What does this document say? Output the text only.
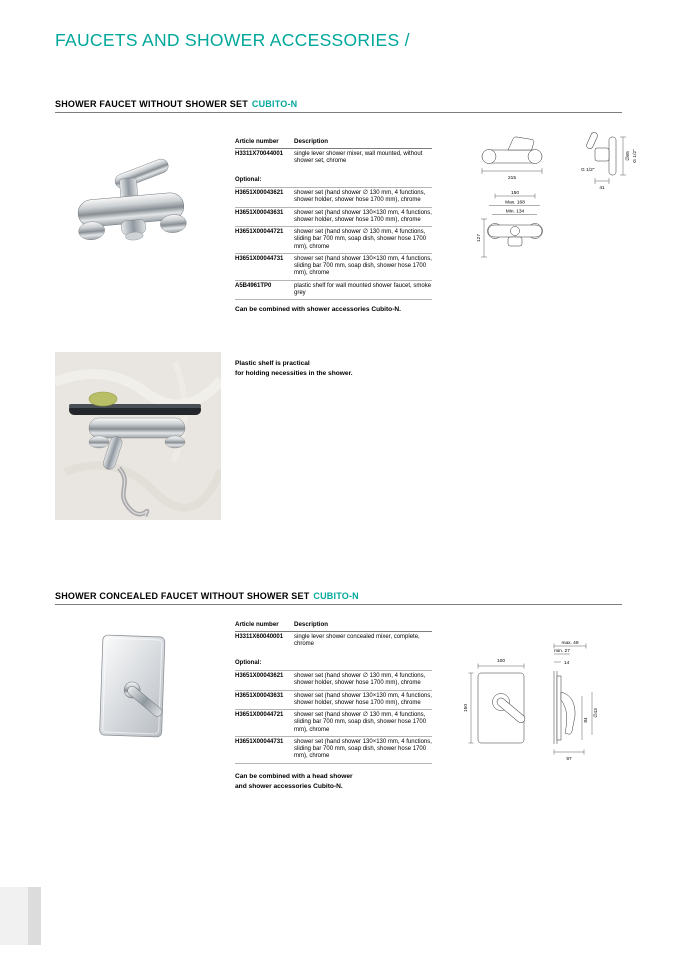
FAUCETS AND SHOWER ACCESSORIES /
SHOWER FAUCET WITHOUT SHOWER SET CUBITO-N
Article number	Description
H3311X70044001	single lever shower mixer, wall mounted, without shower set, chrome
Optional:
H3651X00043621	shower set (hand shower ∅ 130 mm, 4 functions, shower holder, shower hose 1700 mm), chrome
H3651X00043631	shower set (hand shower 130×130 mm, 4 functions, shower holder, shower hose 1700 mm), chrome
H3651X00044721	shower set (hand shower ∅ 130 mm, 4 functions, sliding bar 700 mm, soap dish, shower hose 1700 mm), chrome
H3651X00044731	shower set (hand shower 130×130 mm, 4 functions, sliding bar 700 mm, soap dish, shower hose 1700 mm), chrome
A5B4961TP0	plastic shelf for wall mounted shower faucet, smoke grey
215
∅65 G 1/2"
G 1/2"
41
150
Max. 168
Min. 134
127
Can be combined with shower accessories Cubito-N.
Plastic shelf is practical
for holding necessities in the shower.
SHOWER CONCEALED FAUCET WITHOUT SHOWER SET CUBITO-N
Article number	Description
H3311X60040001	single lever shower concealed mixer, complete, chrome
Optional:
H3651X00043621	shower set (hand shower ∅ 130 mm, 4 functions, shower holder, shower hose 1700 mm), chrome
H3651X00043631	shower set (hand shower 130×130 mm, 4 functions, shower holder, shower hose 1700 mm), chrome
H3651X00044721	shower set (hand shower ∅ 130 mm, 4 functions, sliding bar 700 mm, soap dish, shower hose 1700 mm), chrome
H3651X00044731	shower set (hand shower 130×130 mm, 4 functions, sliding bar 700 mm, soap dish, shower hose 1700 mm), chrome
100
150
max. 49
min. 27
14
84
∅43
97
Can be combined with a head shower
and shower accessories Cubito-N.
